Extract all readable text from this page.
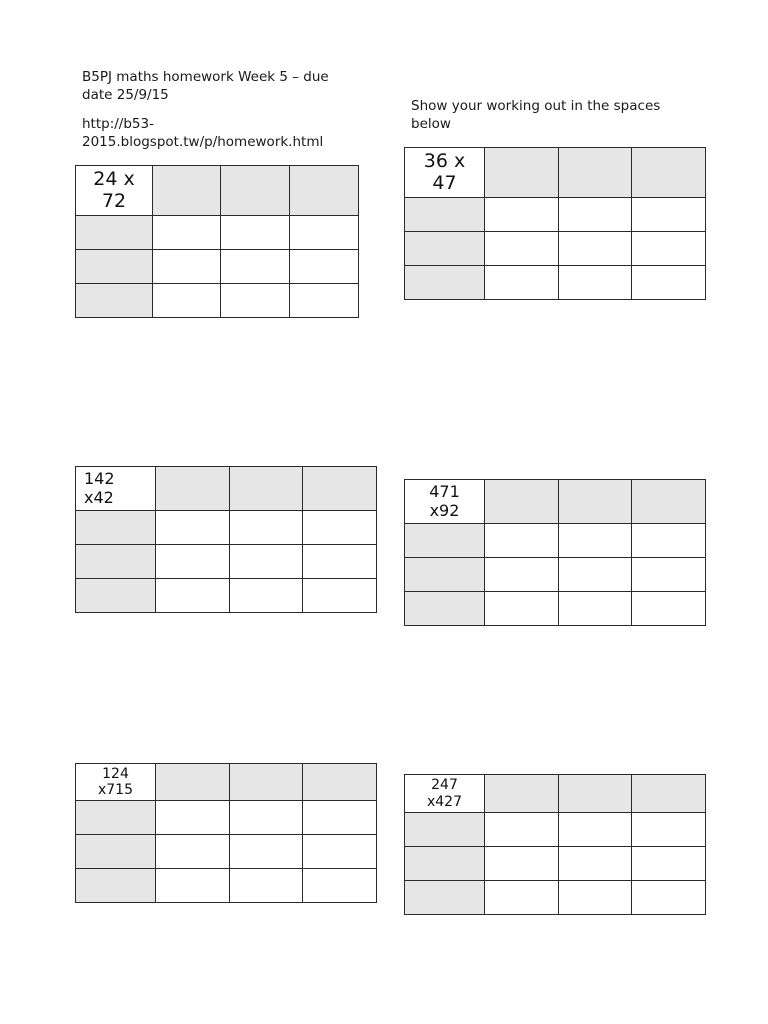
B5PJ maths homework Week 5 – due
date 25/9/15
http://b53-
2015.blogspot.tw/p/homework.html
Show your working out in the spaces
below
24 x
72			

36 x
47			

142
x42			

				471
x92			

124
x715			

				247
x427			
